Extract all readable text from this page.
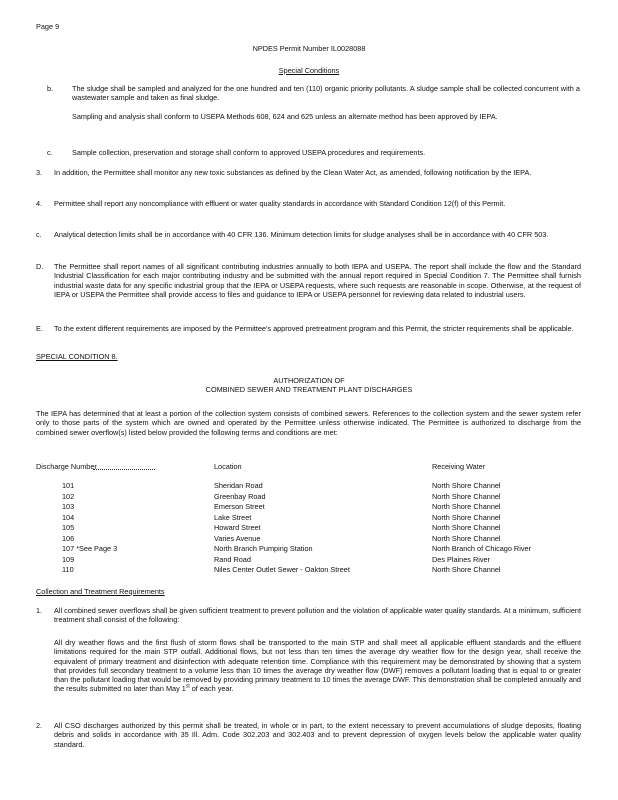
Page 9
NPDES Permit Number IL0028088
Special Conditions
b.	The sludge shall be sampled and analyzed for the one hundred and ten (110) organic priority pollutants. A sludge sample shall be collected concurrent with a wastewater sample and taken as final sludge.
Sampling and analysis shall conform to USEPA Methods 608, 624 and 625 unless an alternate method has been approved by IEPA.
c.	Sample collection, preservation and storage shall conform to approved USEPA procedures and requirements.
3.	In addition, the Permittee shall monitor any new toxic substances as defined by the Clean Water Act, as amended, following notification by the IEPA.
4.	Permittee shall report any noncompliance with effluent or water quality standards in accordance with Standard Condition 12(f) of this Permit.
c.	Analytical detection limits shall be in accordance with 40 CFR 136. Minimum detection limits for sludge analyses shall be in accordance with 40 CFR 503.
D.	The Permittee shall report names of all significant contributing industries annually to both IEPA and USEPA. The report shall include the flow and the Standard Industrial Classification for each major contributing industry and be submitted with the annual report required in Special Condition 7. The Permittee shall furnish industrial waste data for any specific industrial group that the IEPA or USEPA requests, where such requests are reasonable in scope. Otherwise, at the request of IEPA or USEPA the Permittee shall provide access to files and guidance to IEPA or USEPA personnel for reviewing data related to industrial users.
E.	To the extent different requirements are imposed by the Permittee's approved pretreatment program and this Permit, the stricter requirements shall be applicable.
SPECIAL CONDITION 8.
AUTHORIZATION OF
COMBINED SEWER AND TREATMENT PLANT DISCHARGES
The IEPA has determined that at least a portion of the collection system consists of combined sewers. References to the collection system and the sewer system refer only to those parts of the system which are owned and operated by the Permittee unless otherwise indicated. The Permittee is authorized to discharge from the combined sewer overflow(s) listed below provided the following terms and conditions are met:
Discharge Number	Location	Receiving Water
101	Sheridan Road	North Shore Channel
102	Greenbay Road	North Shore Channel
103	Emerson Street	North Shore Channel
104	Lake Street	North Shore Channel
105	Howard Street	North Shore Channel
106	Varies Avenue	North Shore Channel
107 *See Page 3	North Branch Pumping Station	North Branch of Chicago River
109	Rand Road	Des Plaines River
110	Niles Center Outlet Sewer - Oakton Street	North Shore Channel
Collection and Treatment Requirements
1.	All combined sewer overflows shall be given sufficient treatment to prevent pollution and the violation of applicable water quality standards. At a minimum, sufficient treatment shall consist of the following:
All dry weather flows and the first flush of storm flows shall be transported to the main STP and shall meet all applicable effluent standards and the effluent limitations required for the main STP outfall. Additional flows, but not less than ten times the average dry weather flow for the design year, shall receive the equivalent of primary treatment and disinfection with adequate retention time. Compliance with this requirement may be demonstrated by showing that a system that provides full secondary treatment to a volume less than 10 times the average dry weather flow (DWF) removes a pollutant loading that is equal to or greater than the pollutant loading that would be removed by providing primary treatment to 10 times the average DWF. This demonstration shall be completed annually and the results submitted no later than May 1st of each year.
2.	All CSO discharges authorized by this permit shall be treated, in whole or in part, to the extent necessary to prevent accumulations of sludge deposits, floating debris and solids in accordance with 35 Ill. Adm. Code 302.203 and 302.403 and to prevent depression of oxygen levels below the applicable water quality standard.
